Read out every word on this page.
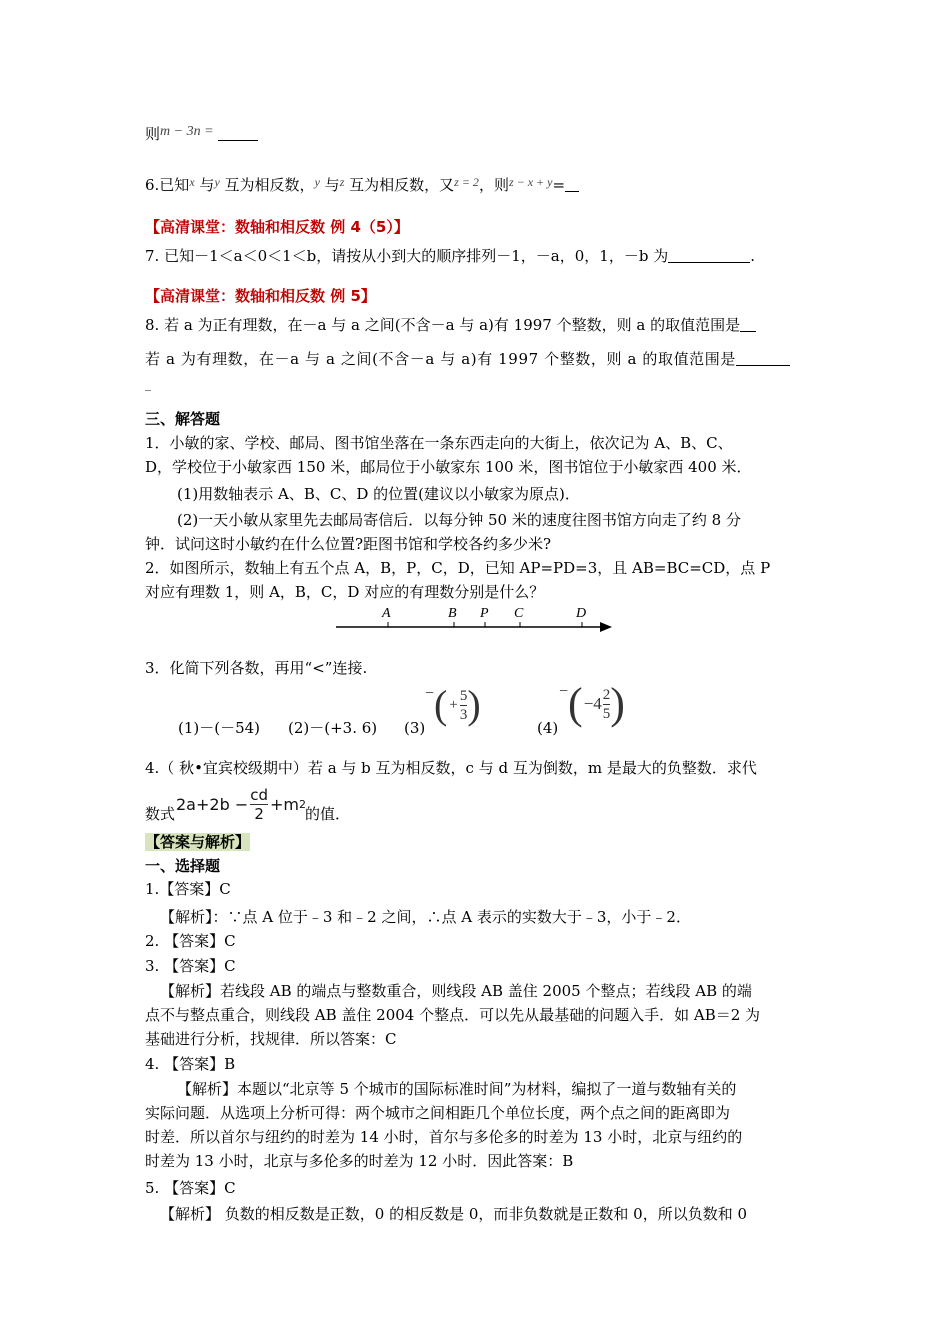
则m − 3n =
6.已知$^x$ 与$^y$ 互为相反数，$^y$ 与$^z$ 互为相反数，又$^{z = 2}$，则$^{z - x + y}$=
【高清课堂：数轴和相反数 例 4（5）】
7. 已知－1＜a＜0＜1＜b，请按从小到大的顺序排列－1，－a，0，1，－b 为	.
【高清课堂：数轴和相反数 例 5】
8. 若 a 为正有理数，在－a 与 a 之间(不含－a 与 a)有 1997 个整数，则 a 的取值范围是
若 a 为有理数，在－a 与 a 之间(不含－a 与 a)有 1997 个整数，则 a 的取值范围是
_
三、解答题
1．小敏的家、学校、邮局、图书馆坐落在一条东西走向的大街上，依次记为 A、B、C、
D，学校位于小敏家西 150 米，邮局位于小敏家东 100 米，图书馆位于小敏家西 400 米．
(1)用数轴表示 A、B、C、D 的位置(建议以小敏家为原点)．
(2)一天小敏从家里先去邮局寄信后．以每分钟 50 米的速度往图书馆方向走了约 8 分
钟．试问这时小敏约在什么位置?距图书馆和学校各约多少米?
2．如图所示，数轴上有五个点 A，B，P，C，D，已知 AP=PD=3，且 AB=BC=CD，点 P
对应有理数 1，则 A，B，C，D 对应的有理数分别是什么？
A	B P C	D
3．化简下列各数，再用“<”连接.
(1)－(－54) (2)－(+3. 6) (3)	(4)
− ( + $\frac{5}{3}$ )	− ( $-4 \frac{2}{5}$ )
4.（ 秋•宜宾校级期中）若 a 与 b 互为相反数，c 与 d 互为倒数，m 是最大的负整数．求代
数式
$2a+2b - \frac{cd}{2} +m$ 2
的值．
【答案与解析】
一、选择题
1.【答案】C
【解析】：∵点 A 位于﹣3 和﹣2 之间，∴点 A 表示的实数大于﹣3，小于﹣2．
2. 【答案】C
3. 【答案】C
【解析】若线段 AB 的端点与整数重合，则线段 AB 盖住 2005 个整点；若线段 AB 的端
点不与整点重合，则线段 AB 盖住 2004 个整点．可以先从最基础的问题入手．如 AB＝2 为
基础进行分析，找规律．所以答案：C
4. 【答案】B
【解析】本题以“北京等 5 个城市的国际标准时间”为材料，编拟了一道与数轴有关的
实际问题．从选项上分析可得：两个城市之间相距几个单位长度，两个点之间的距离即为
时差．所以首尔与纽约的时差为 14 小时，首尔与多伦多的时差为 13 小时，北京与纽约的
时差为 13 小时，北京与多伦多的时差为 12 小时．因此答案：B
5. 【答案】C
【解析】 负数的相反数是正数，0 的相反数是 0，而非负数就是正数和 0，所以负数和 0
